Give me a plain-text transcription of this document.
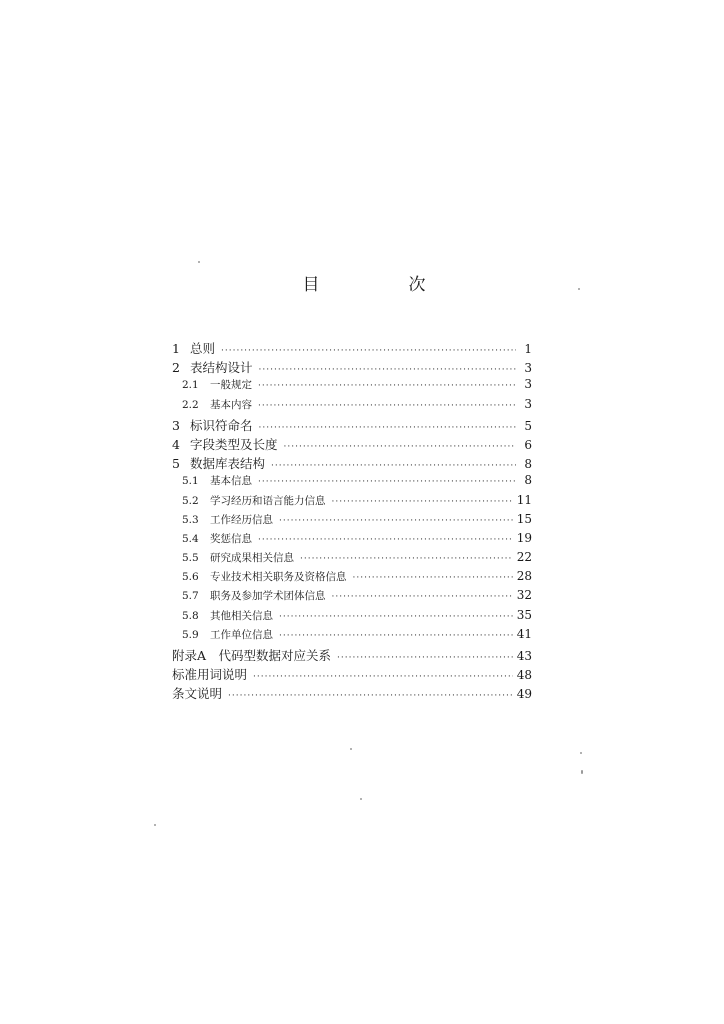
目　次
1 总则 ·····	1
2 表结构设计 ·····	3
2.1	一般规定 ·····	3
2.2	基本内容 ·····	3
3 标识符命名 ·····	5
4 字段类型及长度 ·····	6
5 数据库表结构 ·····	8
5.1	基本信息 ·····	8
5.2	学习经历和语言能力信息 ·····	11
5.3	工作经历信息 ·····	15
5.4	奖惩信息 ·····	19
5.5	研究成果相关信息 ·····	22
5.6	专业技术相关职务及资格信息 ·····	28
5.7	职务及参加学术团体信息 ·····	32
5.8	其他相关信息 ·····	35
5.9	工作单位信息 ·····	41
附录A　代码型数据对应关系 ·····	43
标准用词说明 ·····	48
条文说明 ·····	49
